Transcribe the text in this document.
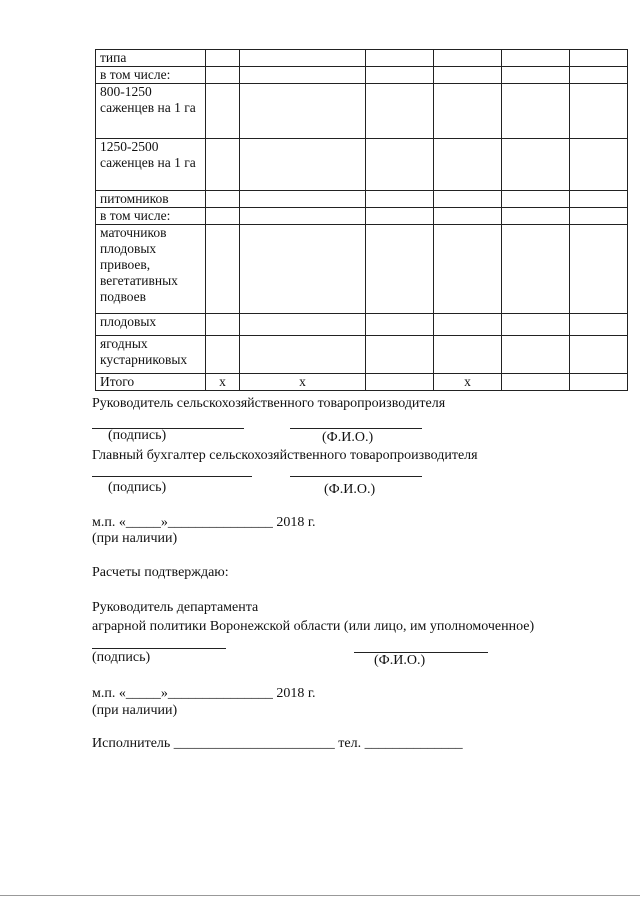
типа							
в том числе:							
800-1250 саженцев на 1 га							
1250-2500 саженцев на 1 га							
питомников							
в том числе:							
маточников плодовых привоев, вегетативных подвоев							
плодовых							
ягодных кустарниковых							
Итого	x	x		x			
Руководитель сельскохозяйственного товаропроизводителя
(подпись)	(Ф.И.О.)
Главный бухгалтер сельскохозяйственного товаропроизводителя
(подпись)	(Ф.И.О.)
м.п. «_____»_______________ 2018 г.
(при наличии)
Расчеты подтверждаю:
Руководитель департамента
аграрной политики Воронежской области (или лицо, им уполномоченное)
(подпись)	(Ф.И.О.)
м.п. «_____»_______________ 2018 г.
(при наличии)
Исполнитель _______________________ тел. ______________
